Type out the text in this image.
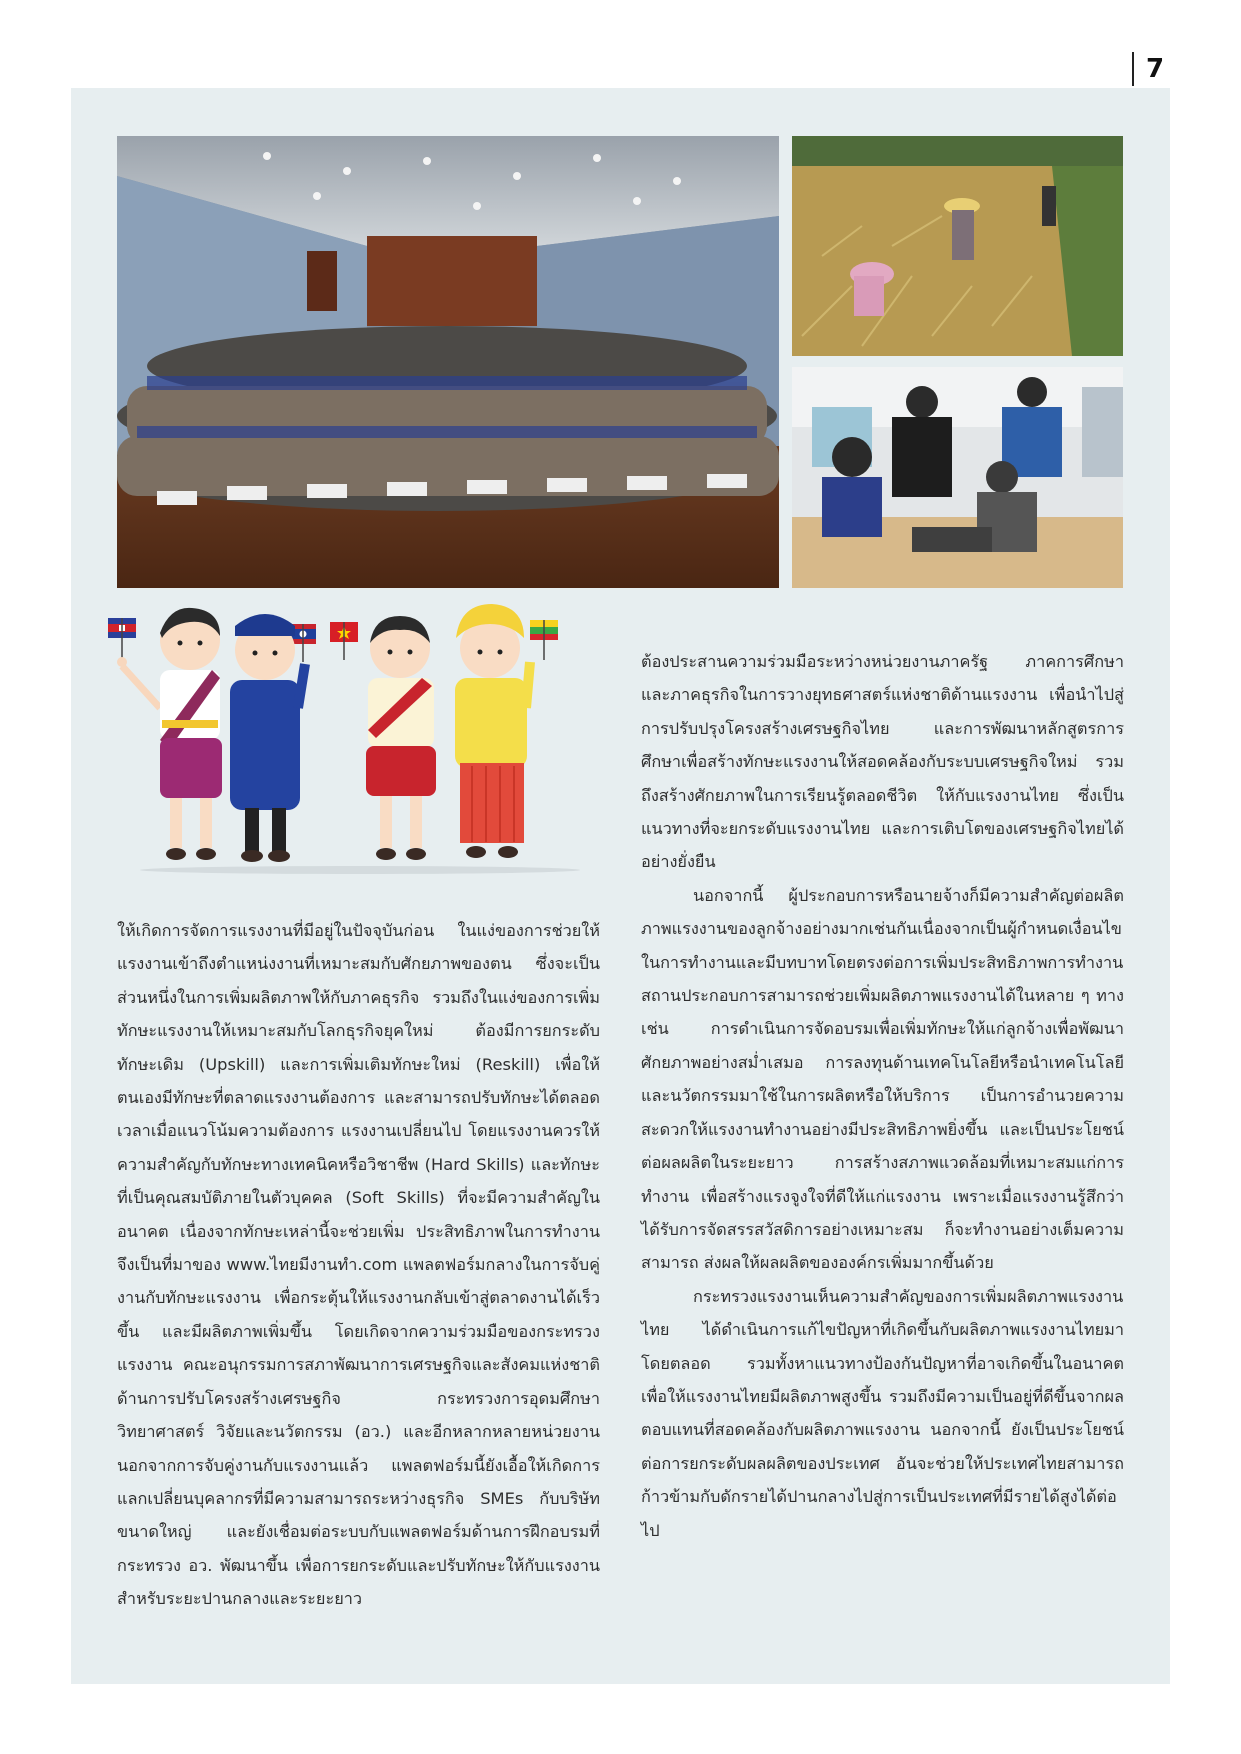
7

ให้เกิดการจัดการแรงงานที่มีอยู่ในปัจจุบันก่อน ในแง่ของการช่วยให้แรงงานเข้าถึงตำแหน่งงานที่เหมาะสมกับศักยภาพของตน ซึ่งจะเป็นส่วนหนึ่งในการเพิ่มผลิตภาพให้กับภาคธุรกิจ รวมถึงในแง่ของการเพิ่มทักษะแรงงานให้เหมาะสมกับโลกธุรกิจยุคใหม่ ต้องมีการยกระดับทักษะเดิม (Upskill) และการเพิ่มเติมทักษะใหม่ (Reskill) เพื่อให้ตนเองมีทักษะที่ตลาดแรงงานต้องการ และสามารถปรับทักษะได้ตลอดเวลาเมื่อแนวโน้มความต้องการ แรงงานเปลี่ยนไป โดยแรงงานควรให้ความสำคัญกับทักษะทางเทคนิคหรือวิชาชีพ (Hard Skills) และทักษะที่เป็นคุณสมบัติภายในตัวบุคคล (Soft Skills) ที่จะมีความสำคัญในอนาคต เนื่องจากทักษะเหล่านี้จะช่วยเพิ่ม ประสิทธิภาพในการทำงาน จึงเป็นที่มาของ www.ไทยมีงานทำ.com แพลตฟอร์มกลางในการจับคู่งานกับทักษะแรงงาน เพื่อกระตุ้นให้แรงงานกลับเข้าสู่ตลาดงานได้เร็วขึ้น และมีผลิตภาพเพิ่มขึ้น โดยเกิดจากความร่วมมือของกระทรวงแรงงาน คณะอนุกรรมการสภาพัฒนาการเศรษฐกิจและสังคมแห่งชาติด้านการปรับโครงสร้างเศรษฐกิจ กระทรวงการอุดมศึกษา วิทยาศาสตร์ วิจัยและนวัตกรรม (อว.) และอีกหลากหลายหน่วยงาน นอกจากการจับคู่งานกับแรงงานแล้ว แพลตฟอร์มนี้ยังเอื้อให้เกิดการแลกเปลี่ยนบุคลากรที่มีความสามารถระหว่างธุรกิจ SMEs กับบริษัทขนาดใหญ่ และยังเชื่อมต่อระบบกับแพลตฟอร์มด้านการฝึกอบรมที่กระทรวง อว. พัฒนาขึ้น เพื่อการยกระดับและปรับทักษะให้กับแรงงาน สำหรับระยะปานกลางและระยะยาว

ต้องประสานความร่วมมือระหว่างหน่วยงานภาครัฐ ภาคการศึกษา และภาคธุรกิจในการวางยุทธศาสตร์แห่งชาติด้านแรงงาน เพื่อนำไปสู่การปรับปรุงโครงสร้างเศรษฐกิจไทย และการพัฒนาหลักสูตรการศึกษาเพื่อสร้างทักษะแรงงานให้สอดคล้องกับระบบเศรษฐกิจใหม่ รวมถึงสร้างศักยภาพในการเรียนรู้ตลอดชีวิต ให้กับแรงงานไทย ซึ่งเป็นแนวทางที่จะยกระดับแรงงานไทย และการเติบโตของเศรษฐกิจไทยได้อย่างยั่งยืน

นอกจากนี้ ผู้ประกอบการหรือนายจ้างก็มีความสำคัญต่อผลิตภาพแรงงานของลูกจ้างอย่างมากเช่นกันเนื่องจากเป็นผู้กำหนดเงื่อนไขในการทำงานและมีบทบาทโดยตรงต่อการเพิ่มประสิทธิภาพการทำงาน สถานประกอบการสามารถช่วยเพิ่มผลิตภาพแรงงานได้ในหลาย ๆ ทาง เช่น การดำเนินการจัดอบรมเพื่อเพิ่มทักษะให้แก่ลูกจ้างเพื่อพัฒนาศักยภาพอย่างสม่ำเสมอ การลงทุนด้านเทคโนโลยีหรือนำเทคโนโลยีและนวัตกรรมมาใช้ในการผลิตหรือให้บริการ เป็นการอำนวยความสะดวกให้แรงงานทำงานอย่างมีประสิทธิภาพยิ่งขึ้น และเป็นประโยชน์ต่อผลผลิตในระยะยาว การสร้างสภาพแวดล้อมที่เหมาะสมแก่การทำงาน เพื่อสร้างแรงจูงใจที่ดีให้แก่แรงงาน เพราะเมื่อแรงงานรู้สึกว่าได้รับการจัดสรรสวัสดิการอย่างเหมาะสม ก็จะทำงานอย่างเต็มความสามารถ ส่งผลให้ผลผลิตขององค์กรเพิ่มมากขึ้นด้วย

กระทรวงแรงงานเห็นความสำคัญของการเพิ่มผลิตภาพแรงงานไทย ได้ดำเนินการแก้ไขปัญหาที่เกิดขึ้นกับผลิตภาพแรงงานไทยมาโดยตลอด รวมทั้งหาแนวทางป้องกันปัญหาที่อาจเกิดขึ้นในอนาคต เพื่อให้แรงงานไทยมีผลิตภาพสูงขึ้น รวมถึงมีความเป็นอยู่ที่ดีขึ้นจากผลตอบแทนที่สอดคล้องกับผลิตภาพแรงงาน นอกจากนี้ ยังเป็นประโยชน์ต่อการยกระดับผลผลิตของประเทศ อันจะช่วยให้ประเทศไทยสามารถก้าวข้ามกับดักรายได้ปานกลางไปสู่การเป็นประเทศที่มีรายได้สูงได้ต่อไป
